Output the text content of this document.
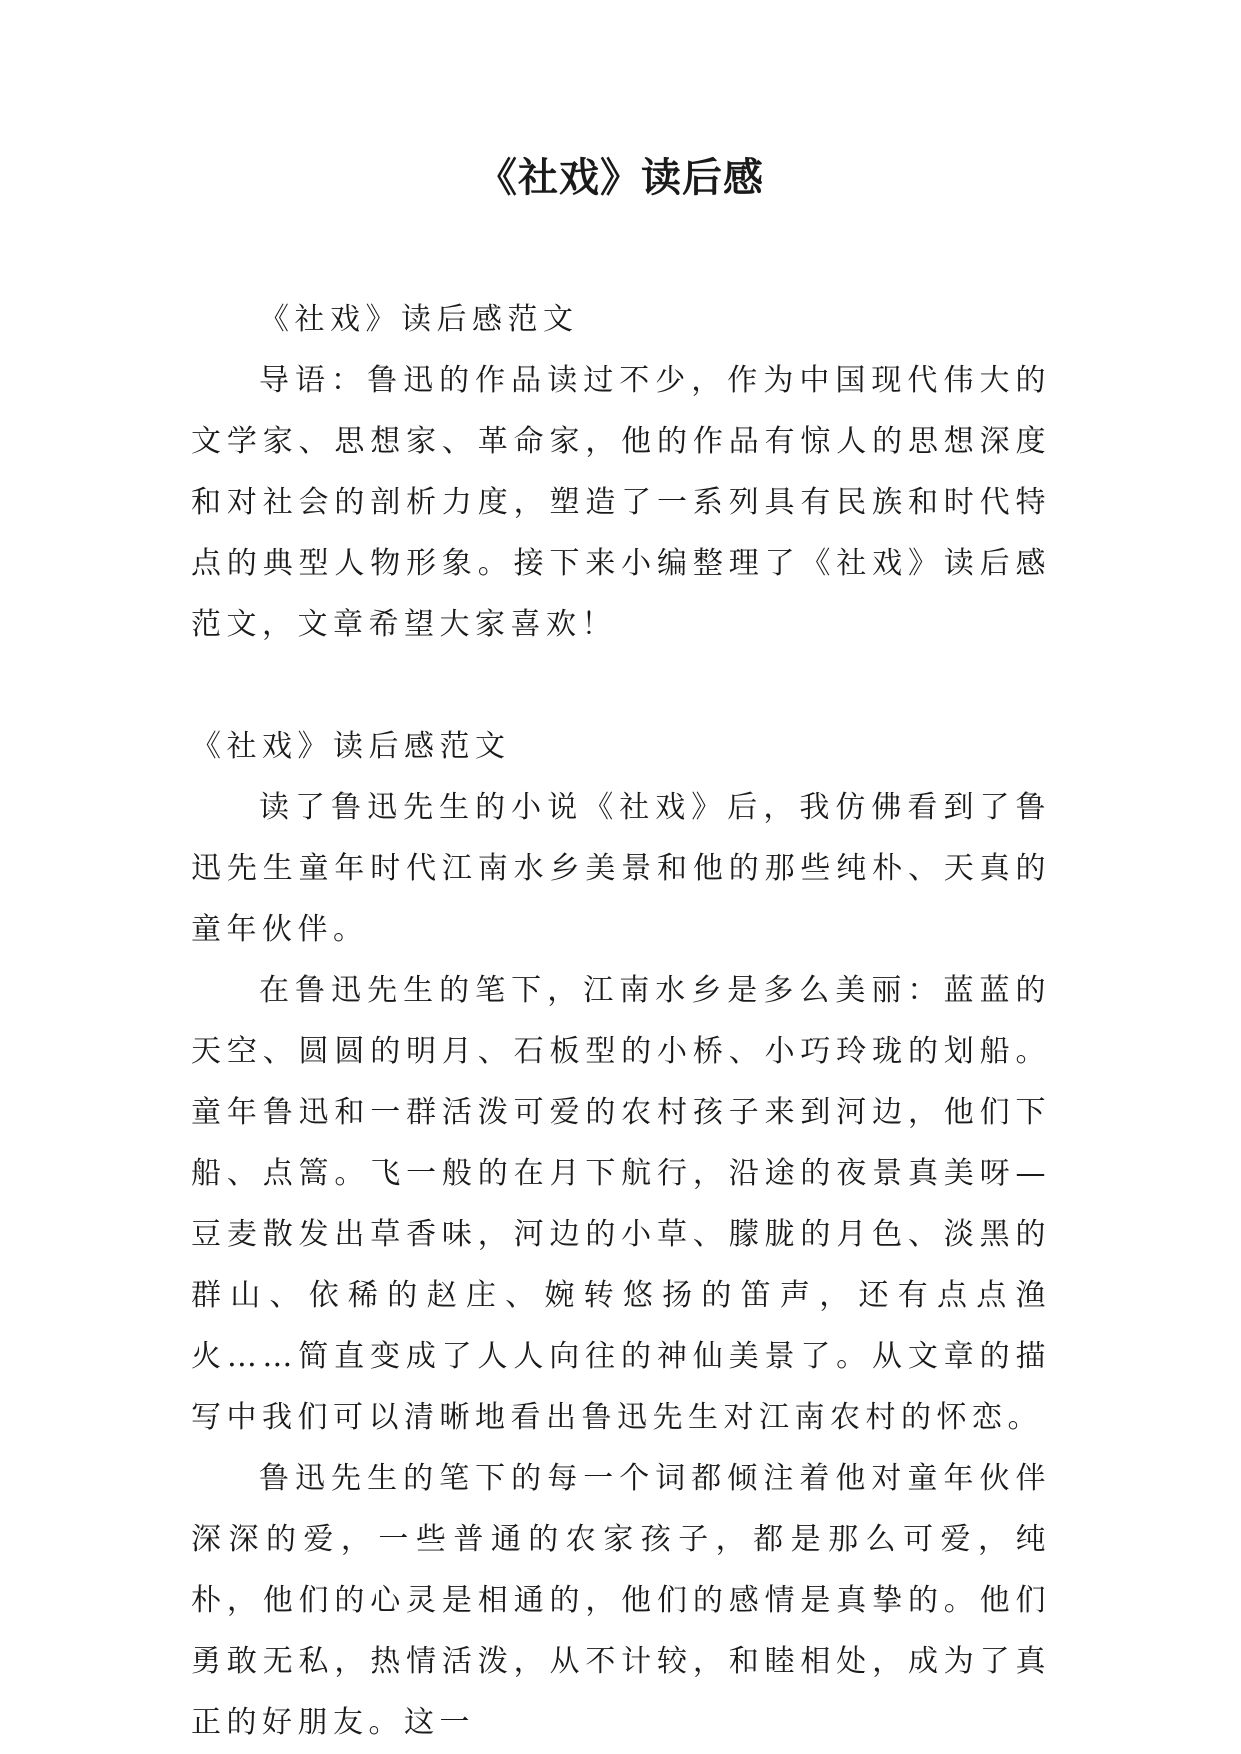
《社戏》读后感

《社戏》读后感范文

导语：鲁迅的作品读过不少，作为中国现代伟大的文学家、思想家、革命家，他的作品有惊人的思想深度和对社会的剖析力度，塑造了一系列具有民族和时代特点的典型人物形象。接下来小编整理了《社戏》读后感范文，文章希望大家喜欢！

《社戏》读后感范文

读了鲁迅先生的小说《社戏》后，我仿佛看到了鲁迅先生童年时代江南水乡美景和他的那些纯朴、天真的童年伙伴。

在鲁迅先生的笔下，江南水乡是多么美丽：蓝蓝的天空、圆圆的明月、石板型的小桥、小巧玲珑的划船。童年鲁迅和一群活泼可爱的农村孩子来到河边，他们下船、点篙。飞一般的在月下航行，沿途的夜景真美呀—豆麦散发出草香味，河边的小草、朦胧的月色、淡黑的群山、依稀的赵庄、婉转悠扬的笛声，还有点点渔火……简直变成了人人向往的神仙美景了。从文章的描写中我们可以清晰地看出鲁迅先生对江南农村的怀恋。

鲁迅先生的笔下的每一个词都倾注着他对童年伙伴深深的爱，一些普通的农家孩子，都是那么可爱，纯朴，他们的心灵是相通的，他们的感情是真挚的。他们勇敢无私，热情活泼，从不计较，和睦相处，成为了真正的好朋友。这一
